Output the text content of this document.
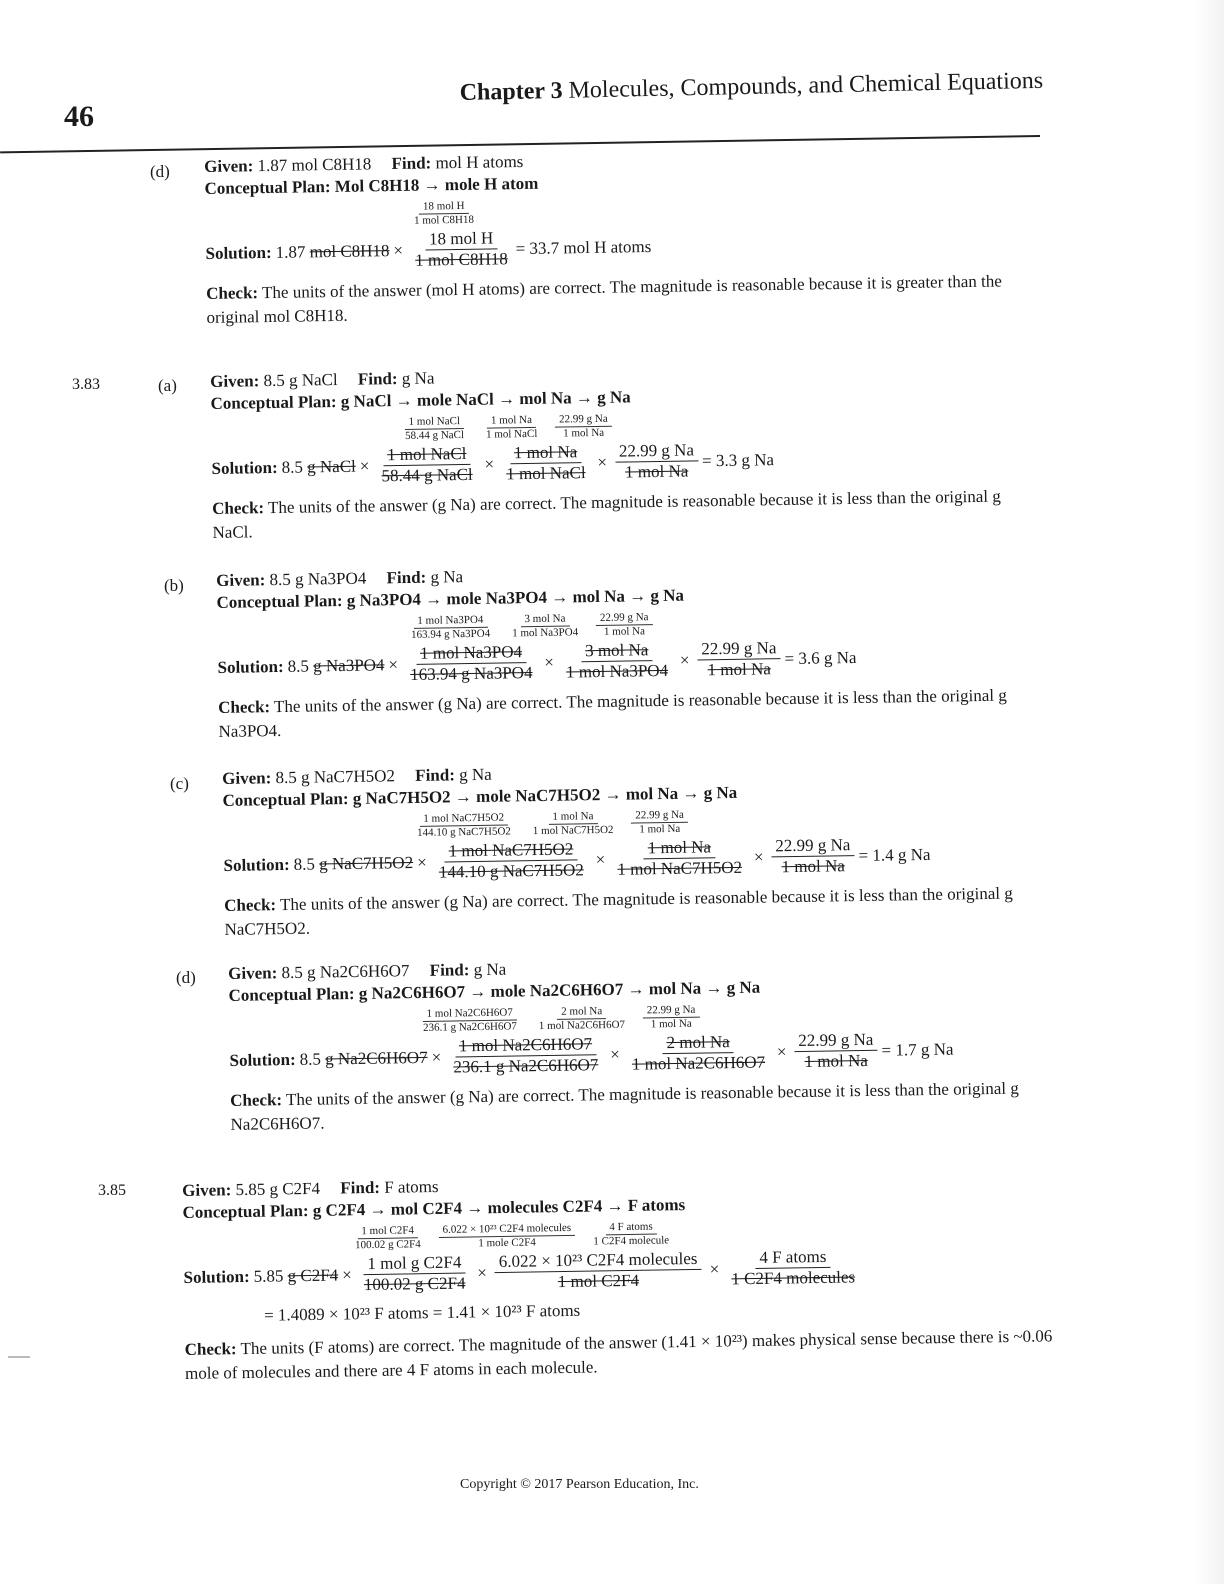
46
Chapter 3 Molecules, Compounds, and Chemical Equations
(d) Given: 1.87 mol C8H18 Find: mol H atoms
Conceptual Plan: Mol C8H18 → mole H atom
$\frac{\text{18 mol H}}{\text{1 mol C8H18}}$
Solution: 1.87
mol $C8H18 \times \frac{\text{18 mol H}}{\text{1 mol C8H18}} = 33.7$ mol H atoms
Check: The units of the answer (mol H atoms) are correct. The magnitude is reasonable because it is greater than the original mol C8H18.
3.83	(a) Given: 8.5 g NaCl Find: g Na
Conceptual Plan: g NaCl → mole NaCl → mol Na → g Na
$\frac{\text{1 mol NaCl}}{\text{58.44 g NaCl}} \frac{\text{1 mol Na}}{\text{1 mol NaCl}} \frac{\text{22.99 g Na}}{\text{1 mol Na}}$
Solution: 8.5
g NaCl × $\frac{\text{1 mol NaCl}}{\text{58.44 g NaCl}} \times \frac{\text{1 mol Na}}{\text{1 mol NaCl}} \times \frac{\text{22.99 g Na}}{\text{1 mol Na}} = 3.3$ g Na
Check: The units of the answer (g Na) are correct. The magnitude is reasonable because it is less than the original g NaCl.
(b) Given: 8.5 g Na3PO4 Find: g Na
Conceptual Plan: g Na3PO4 → mole Na3PO4 → mol Na → g Na
$\frac{\text{1 mol Na3PO4}}{\text{163.94 g Na3PO4}} \frac{\text{3 mol Na}}{\text{1 mol Na3PO4}} \frac{\text{22.99 g Na}}{\text{1 mol Na}}$
Solution: 8.5
g $Na3PO4 \times \frac{\text{1 mol Na3PO4}}{\text{163.94 g Na3PO4}} \times \frac{\text{3 mol Na}}{\text{1 mol Na3PO4}} \times \frac{\text{22.99 g Na}}{\text{1 mol Na}} = 3.6$ g Na
Check: The units of the answer (g Na) are correct. The magnitude is reasonable because it is less than the original g Na3PO4.
(c) Given: 8.5 g NaC7H5O2 Find: g Na
Conceptual Plan: g NaC7H5O2 → mole NaC7H5O2 → mol Na → g Na
$\frac{\text{1 mol NaC7H5O2}}{\text{144.10 g NaC7H5O2}} \frac{\text{1 mol Na}}{\text{1 mol NaC7H5O2}} \frac{\text{22.99 g Na}}{\text{1 mol Na}}$
Solution: 8.5
g $NaC7H5O2 \times \frac{\text{1 mol NaC7H5O2}}{\text{144.10 g NaC7H5O2}} \times \frac{\text{1 mol Na}}{\text{1 mol NaC7H5O2}} \times \frac{\text{22.99 g Na}}{\text{1 mol Na}} = 1.4$ g Na
Check: The units of the answer (g Na) are correct. The magnitude is reasonable because it is less than the original g NaC7H5O2.
(d) Given: 8.5 g Na2C6H6O7 Find: g Na
Conceptual Plan: g Na2C6H6O7 → mole Na2C6H6O7 → mol Na → g Na
$\frac{\text{1 mol Na2C6H6O7}}{\text{236.1 g Na2C6H6O7}} \frac{\text{2 mol Na}}{\text{1 mol Na2C6H6O7}} \frac{\text{22.99 g Na}}{\text{1 mol Na}}$
Solution: 8.5
g $Na2C6H6O7 \times \frac{\text{1 mol Na2C6H6O7}}{\text{236.1 g Na2C6H6O7}} \times \frac{\text{2 mol Na}}{\text{1 mol Na2C6H6O7}} \times \frac{\text{22.99 g Na}}{\text{1 mol Na}} = 1.7$ g Na
Check: The units of the answer (g Na) are correct. The magnitude is reasonable because it is less than the original g Na2C6H6O7.
3.85	Given: 5.85 g C2F4 Find: F atoms
Conceptual Plan: g C2F4 → mol C2F4 → molecules C2F4 → F atoms
$\frac{\text{1 mol C2F4}}{\text{100.02 g C2F4}} \frac{\text{6.022 × 10²³ C2F4 molecules}}{\text{1 mole C2F4}} \frac{\text{4 F atoms}}{\text{1 C2F4 molecule}}$
Solution: 5.85
g $C2F4 \times \frac{\text{1 mol g C2F4}}{\text{100.02 g C2F4}} \times \frac{\text{6.022 × 10²³ C2F4 molecules}}{\text{1 mol C2F4}} \times \frac{\text{4 F atoms}}{\text{1 C2F4 molecules}}$
= 1.4089 × 10²³ F atoms = 1.41 × 10²³ F atoms
Check: The units (F atoms) are correct. The magnitude of the answer (1.41 × 10²³) makes physical sense because there is ~0.06 mole of molecules and there are 4 F atoms in each molecule.
Copyright © 2017 Pearson Education, Inc.
